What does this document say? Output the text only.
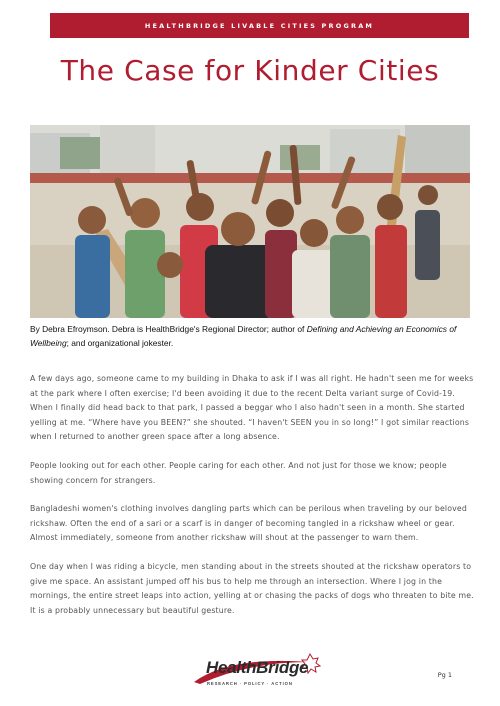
HEALTHBRIDGE LIVABLE CITIES PROGRAM
The Case for Kinder Cities

By Debra Efroymson. Debra is HealthBridge's Regional Director; author of Defining and Achieving an Economics of Wellbeing; and organizational jokester.

A few days ago, someone came to my building in Dhaka to ask if I was all right. He hadn't seen me for weeks at the park where I often exercise; I'd been avoiding it due to the recent Delta variant surge of Covid-19. When I finally did head back to that park, I passed a beggar who I also hadn't seen in a month. She started yelling at me. “Where have you BEEN?” she shouted. “I haven't SEEN you in so long!” I got similar reactions when I returned to another green space after a long absence.

People looking out for each other. People caring for each other. And not just for those we know; people showing concern for strangers.

Bangladeshi women's clothing involves dangling parts which can be perilous when traveling by our beloved rickshaw. Often the end of a sari or a scarf is in danger of becoming tangled in a rickshaw wheel or gear. Almost immediately, someone from another rickshaw will shout at the passenger to warn them.

One day when I was riding a bicycle, men standing about in the streets shouted at the rickshaw operators to give me space. An assistant jumped off his bus to help me through an intersection. Where I jog in the mornings, the entire street leaps into action, yelling at or chasing the packs of dogs who threaten to bite me. It is a probably unnecessary but beautiful gesture.

HealthBridge
RESEARCH · POLICY · ACTION
Pg 1
